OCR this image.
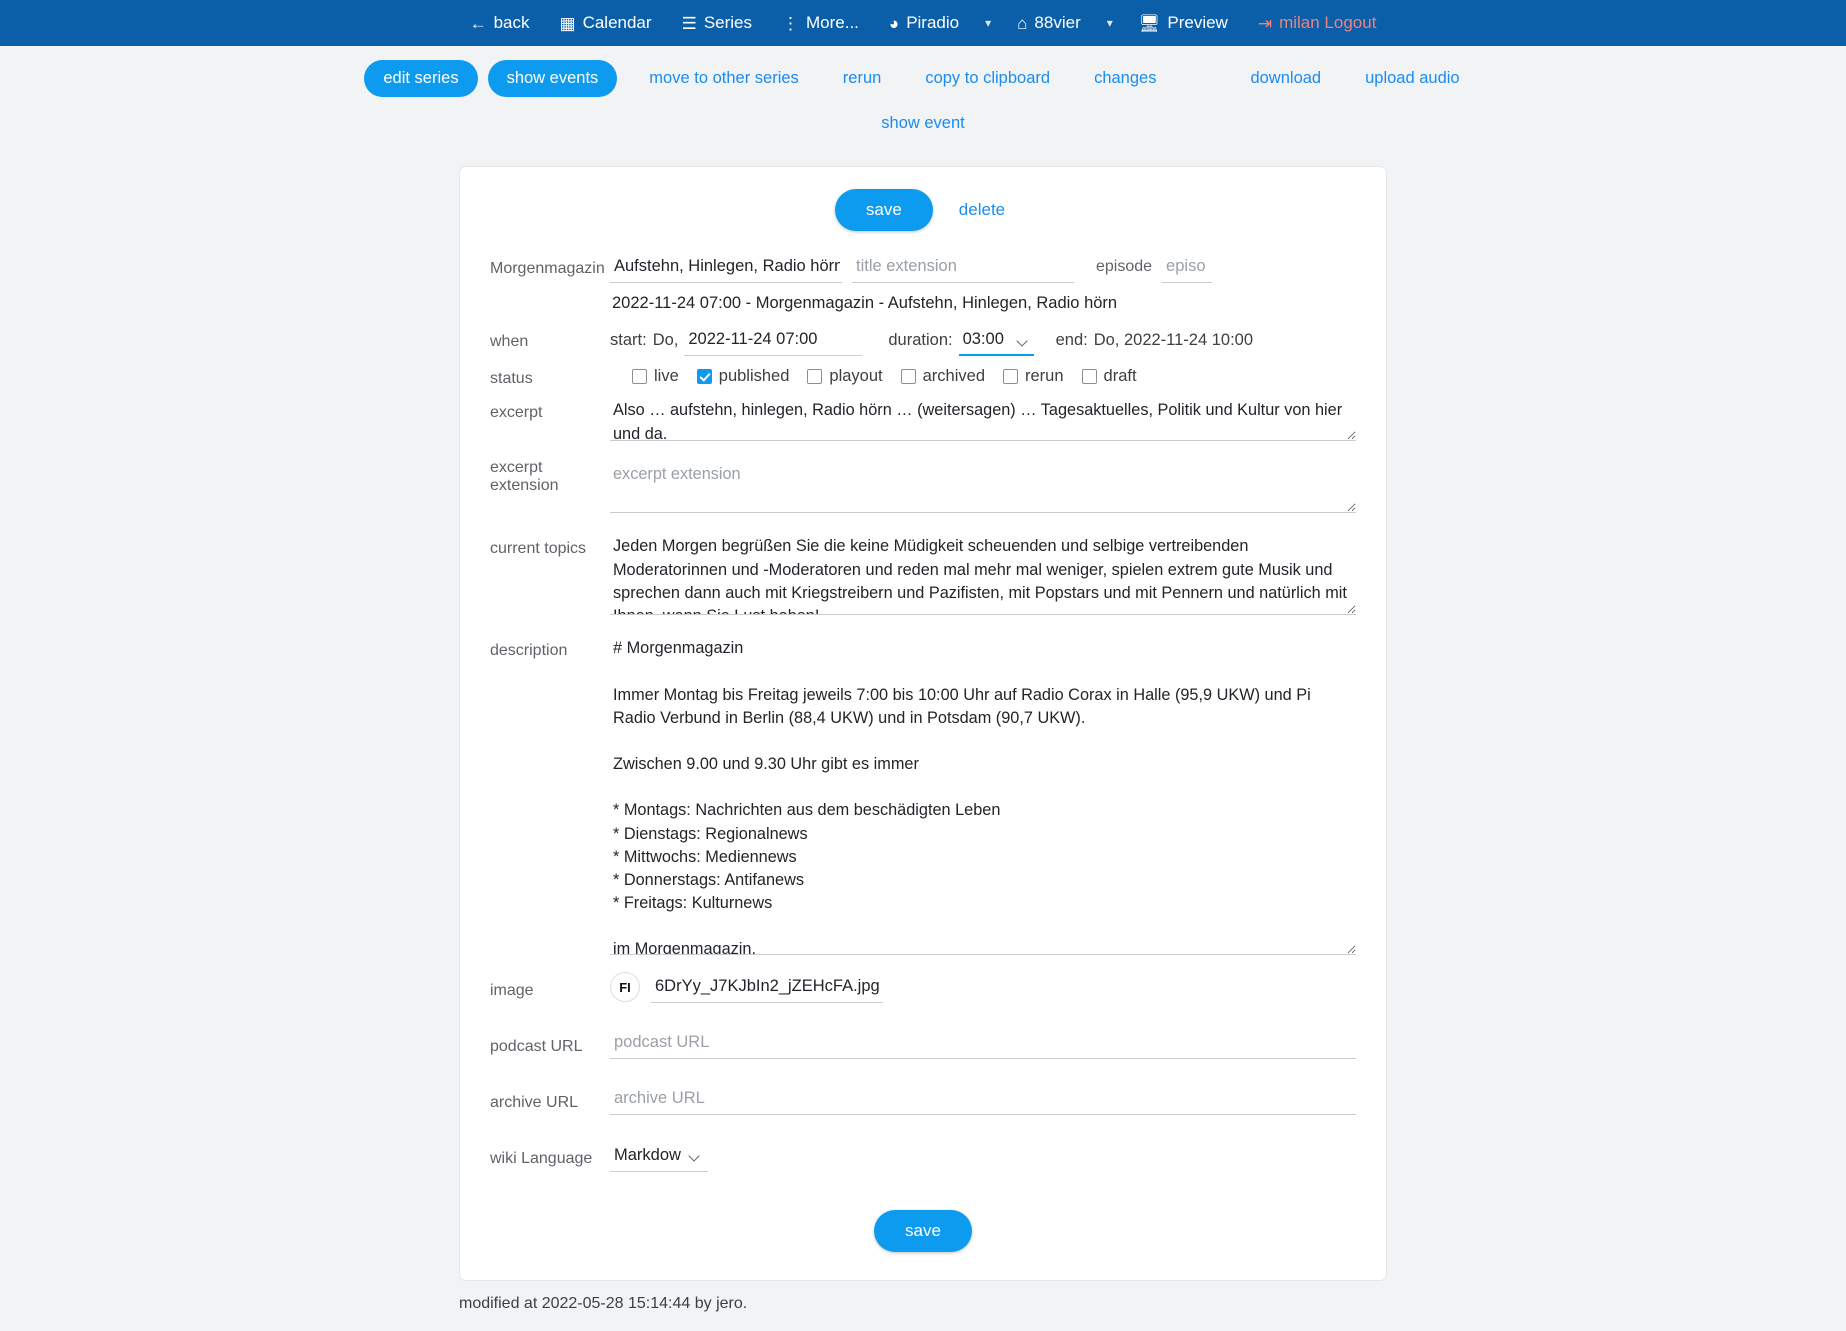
← back ▦ Calendar ☰ Series ⋮ More... ◕ Piradio	▾	⌂ 88vier	▾	🖥 Preview ⇥ milan Logout
edit series	show events	move to other series	rerun	copy to clipboard	changes	download	upload audio
show event
save	delete
Morgenmagazin
Aufstehn, Hinlegen, Radio hörn
title extension	episode
episo
2022-11-24 07:00 - Morgenmagazin - Aufstehn, Hinlegen, Radio hörn
when	start: Do,
2022-11-24 07:00	duration:
03:00	end: Do, 2022-11-24 10:00
status	live published playout archived rerun draft
excerpt
Also … aufstehn, hinlegen, Radio hörn … (weitersagen) … Tagesaktuelles, Politik und Kultur von hier und da.
excerpt extension
excerpt extension
current topics
Jeden Morgen begrüßen Sie die keine Müdigkeit scheuenden und selbige vertreibenden Moderatorinnen und -Moderatoren und reden mal mehr mal weniger, spielen extrem gute Musik und sprechen dann auch mit Kriegstreibern und Pazifisten, mit Popstars und mit Pennern und natürlich mit Ihnen, wenn Sie Lust haben!
description
# Morgenmagazin Immer Montag bis Freitag jeweils 7:00 bis 10:00 Uhr auf Radio Corax in Halle (95,9 UKW) und Pi Radio Verbund in Berlin (88,4 UKW) und in Potsdam (90,7 UKW). Zwischen 9.00 und 9.30 Uhr gibt es immer * Montags: Nachrichten aus dem beschädigten Leben * Dienstags: Regionalnews * Mittwochs: Mediennews * Donnerstags: Antifanews * Freitags: Kulturnews im Morgenmagazin.
image	FI
6DrYy_J7KJbIn2_jZEHcFA.jpg
podcast URL
podcast URL
archive URL
archive URL
wiki Language
Markdown
save
modified at 2022-05-28 15:14:44 by jero.
